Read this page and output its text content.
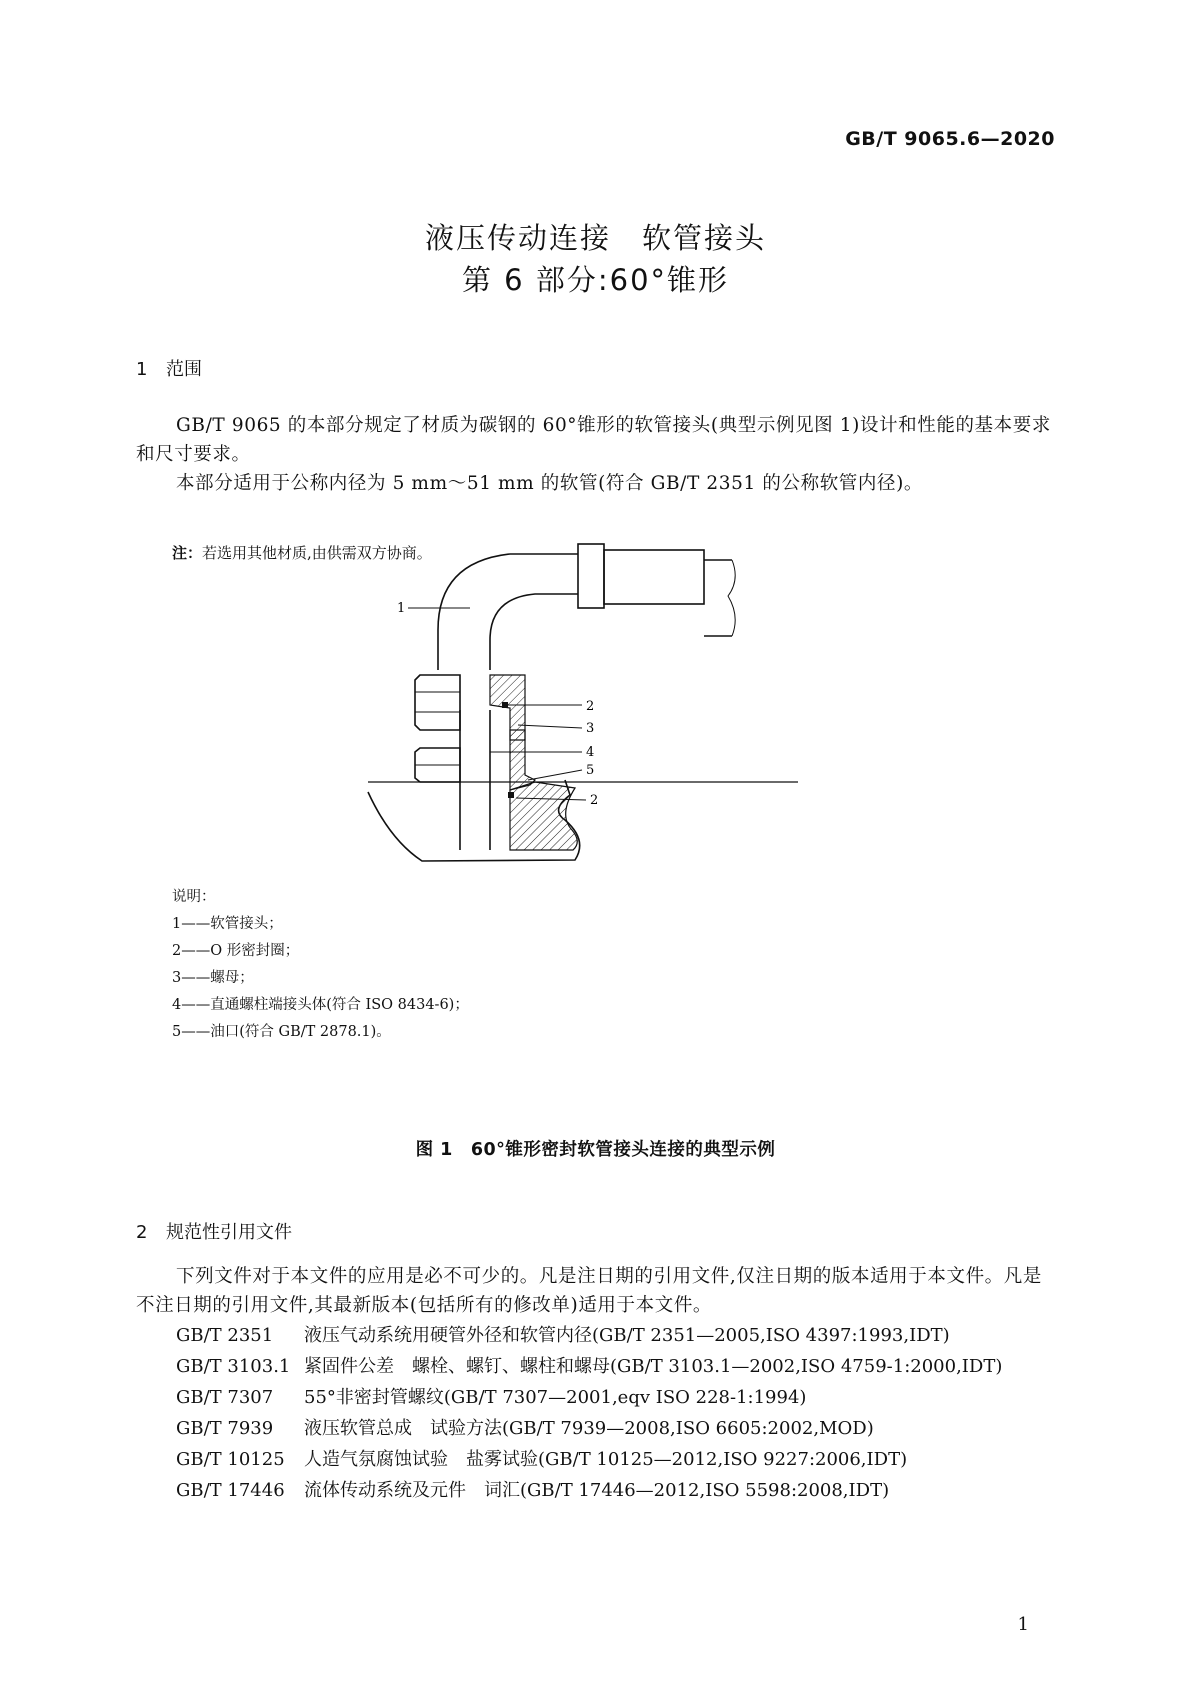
GB/T 9065.6—2020
液压传动连接　软管接头
第 6 部分:60°锥形
1 范围
GB/T 9065 的本部分规定了材质为碳钢的 60°锥形的软管接头(典型示例见图 1)设计和性能的基本要求和尺寸要求。
本部分适用于公称内径为 5 mm～51 mm 的软管(符合 GB/T 2351 的公称软管内径)。
注：若选用其他材质,由供需双方协商。
1
2
3
4
5
2
说明：
1——软管接头；
2——O 形密封圈；
3——螺母；
4——直通螺柱端接头体(符合 ISO 8434-6)；
5——油口(符合 GB/T 2878.1)。
图 1　60°锥形密封软管接头连接的典型示例
2 规范性引用文件
下列文件对于本文件的应用是必不可少的。凡是注日期的引用文件,仅注日期的版本适用于本文件。凡是不注日期的引用文件,其最新版本(包括所有的修改单)适用于本文件。
GB/T 2351 液压气动系统用硬管外径和软管内径(GB/T 2351—2005,ISO 4397:1993,IDT)
GB/T 3103.1 紧固件公差　螺栓、螺钉、螺柱和螺母(GB/T 3103.1—2002,ISO 4759-1:2000,IDT)
GB/T 7307 55°非密封管螺纹(GB/T 7307—2001,eqv ISO 228-1:1994)
GB/T 7939 液压软管总成　试验方法(GB/T 7939—2008,ISO 6605:2002,MOD)
GB/T 10125 人造气氛腐蚀试验　盐雾试验(GB/T 10125—2012,ISO 9227:2006,IDT)
GB/T 17446 流体传动系统及元件　词汇(GB/T 17446—2012,ISO 5598:2008,IDT)
1
